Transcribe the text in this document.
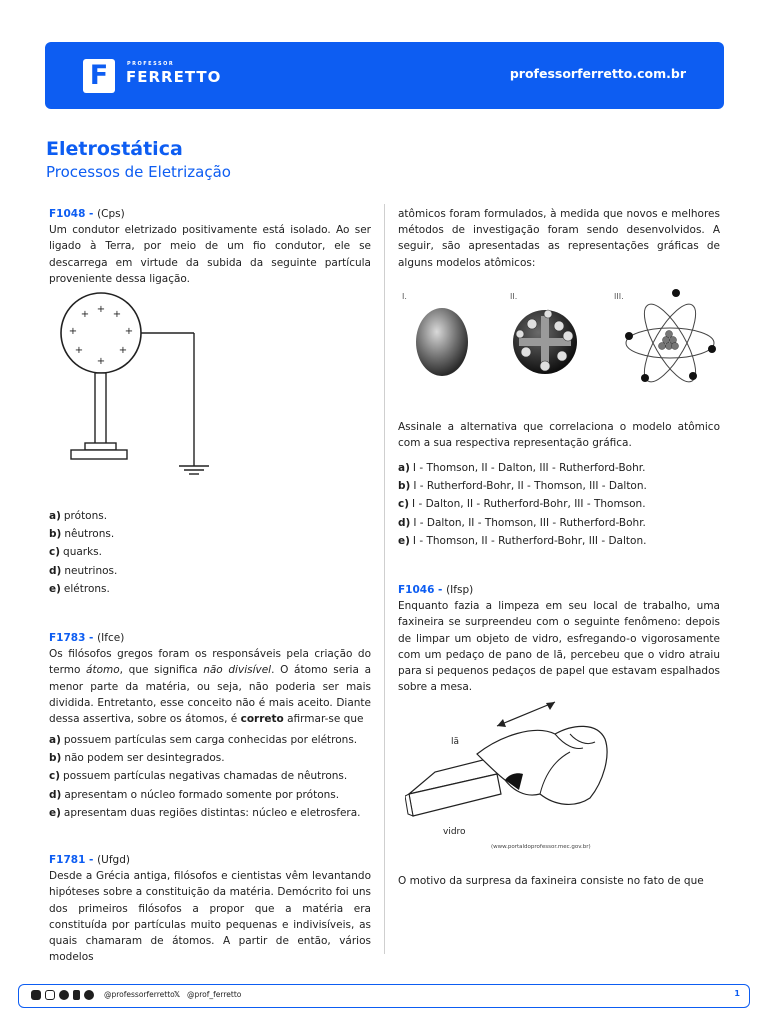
F	PROFESSOR
FERRETTO	professorferretto.com.br
Eletrostática
Processos de Eletrização
F1048 - (Cps)
Um condutor eletrizado positivamente está isolado. Ao ser ligado à Terra, por meio de um fio condutor, ele se descarrega em virtude da subida da seguinte partícula proveniente dessa ligação.
+
+ +
+	+
+	+
+
a) prótons.
b) nêutrons.
c) quarks.
d) neutrinos.
e) elétrons.
F1783 - (Ifce)
Os filósofos gregos foram os responsáveis pela criação do termo átomo, que significa não divisível. O átomo seria a menor parte da matéria, ou seja, não poderia ser mais dividida. Entretanto, esse conceito não é mais aceito. Diante dessa assertiva, sobre os átomos, é correto afirmar-se que
a) possuem partículas sem carga conhecidas por elétrons.
b) não podem ser desintegrados.
c) possuem partículas negativas chamadas de nêutrons.
d) apresentam o núcleo formado somente por prótons.
e) apresentam duas regiões distintas: núcleo e eletrosfera.
F1781 - (Ufgd)
Desde a Grécia antiga, filósofos e cientistas vêm levantando hipóteses sobre a constituição da matéria. Demócrito foi uns dos primeiros filósofos a propor que a matéria era constituída por partículas muito pequenas e indivisíveis, as quais chamaram de átomos. A partir de então, vários modelos
atômicos foram formulados, à medida que novos e melhores métodos de investigação foram sendo desenvolvidos. A seguir, são apresentadas as representações gráficas de alguns modelos atômicos:
I.	II.	III.
Assinale a alternativa que correlaciona o modelo atômico com a sua respectiva representação gráfica.
a) I - Thomson, II - Dalton, III - Rutherford-Bohr.
b) I - Rutherford-Bohr, II - Thomson, III - Dalton.
c) I - Dalton, II - Rutherford-Bohr, III - Thomson.
d) I - Dalton, II - Thomson, III - Rutherford-Bohr.
e) I - Thomson, II - Rutherford-Bohr, III - Dalton.
F1046 - (Ifsp)
Enquanto fazia a limpeza em seu local de trabalho, uma faxineira se surpreendeu com o seguinte fenômeno: depois de limpar um objeto de vidro, esfregando-o vigorosamente com um pedaço de pano de lã, percebeu que o vidro atraiu para si pequenos pedaços de papel que estavam espalhados sobre a mesa.
lã
vidro
(www.portaldoprofessor.mec.gov.br)
O motivo da surpresa da faxineira consiste no fato de que
@professorferretto 𝕏 @prof_ferretto	1
